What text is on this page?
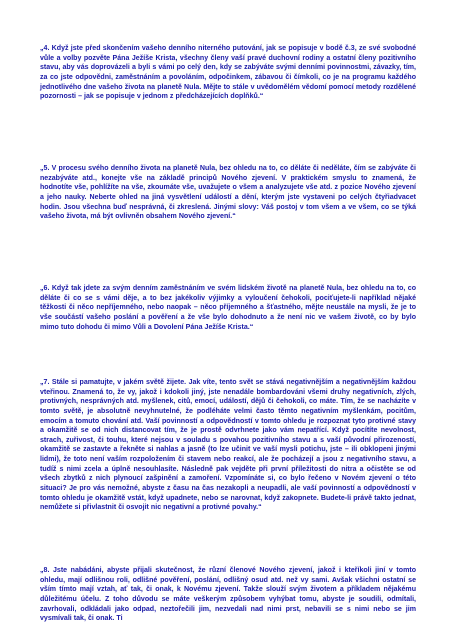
„4. Když jste před skončením vašeho denního niterného putování, jak se popisuje v bodě č.3, ze své svobodné vůle a volby pozvěte Pána Ježíše Krista, všechny členy vaší pravé duchovní rodiny a ostatní členy pozitivního stavu, aby vás doprovázeli a byli s vámi po celý den, kdy se zabýváte svými denními povinnostmi, závazky, tím, za co jste odpovědni, zaměstnáním a povoláním, odpočinkem, zábavou či čímkoli, co je na programu každého jednotlivého dne vašeho života na planetě Nula. Mějte to stále v uvědomělém vědomí pomocí metody rozdělené pozornosti – jak se popisuje v jednom z předcházejících doplňků.“

„5. V procesu svého denního života na planetě Nula, bez ohledu na to, co děláte či neděláte, čím se zabýváte či nezabýváte atd., konejte vše na základě principů Nového zjevení. V praktickém smyslu to znamená, že hodnotíte vše, pohlížíte na vše, zkoumáte vše, uvažujete o všem a analyzujete vše atd. z pozice Nového zjevení a jeho nauky. Neberte ohled na jiná vysvětlení událostí a dění, kterým jste vystaveni po celých čtyřiadvacet hodin. Jsou všechna buď nesprávná, či zkreslená. Jinými slovy: Váš postoj v tom všem a ve všem, co se týká vašeho života, má být ovlivněn obsahem Nového zjevení.“

„6. Když tak jdete za svým denním zaměstnáním ve svém lidském životě na planetě Nula, bez ohledu na to, co děláte či co se s vámi děje, a to bez jakékoliv výjimky a vyloučení čehokoli, pociťujete-li například nějaké těžkosti či něco nepříjemného, nebo naopak – něco příjemného a šťastného, mějte neustále na mysli, že je to vše součástí vašeho poslání a pověření a že vše bylo dohodnuto a že není nic ve vašem životě, co by bylo mimo tuto dohodu či mimo Vůli a Dovolení Pána Ježíše Krista.“

„7. Stále si pamatujte, v jakém světě žijete. Jak víte, tento svět se stává negativnějším a negativnějším každou vteřinou. Znamená to, že vy, jakož i kdokoli jiný, jste nenadále bombardováni všemi druhy negativních, zlých, protivných, nesprávných atd. myšlenek, citů, emocí, událostí, dějů či čehokoli, co máte. Tím, že se nacházíte v tomto světě, je absolutně nevyhnutelné, že podléháte velmi často těmto negativním myšlenkám, pocitům, emocím a tomuto chování atd. Vaší povinností a odpovědností v tomto ohledu je rozpoznat tyto protivné stavy a okamžitě se od nich distancovat tím, že je prostě odvrhnete jako vám nepatřící. Když pocítíte nevolnost, strach, zuřivost, či touhu, které nejsou v souladu s povahou pozitivního stavu a s vaší původní přirozeností, okamžitě se zastavte a řekněte si nahlas a jasně (to lze učinit ve vaší mysli potichu, jste – ili obklopeni jinými lidmi), že toto není vaším rozpoložením či stavem nebo reakcí, ale že pocházejí a jsou z negativního stavu, a tudíž s nimi zcela a úplně nesouhlasíte. Následně pak vejděte při první příležitosti do nitra a očistěte se od všech zbytků z nich plynoucí zašpinění a zamoření. Vzpomínáte si, co bylo řečeno v Novém zjevení o této situaci? Je pro vás nemožné, abyste z času na čas nezakopli a neupadli, ale vaší povinností a odpovědností v tomto ohledu je okamžitě vstát, když upadnete, nebo se narovnat, když zakopnete. Budete-li právě takto jednat, nemůžete si přivlastnit či osvojit nic negativní a protivné povahy.“

„8. Jste nabádáni, abyste přijali skutečnost, že různí členové Nového zjevení, jakož i kteříkoli jiní v tomto ohledu, mají odlišnou roli, odlišné pověření, poslání, odlišný osud atd. než vy sami. Avšak všichni ostatní se vším tímto mají vztah, ať tak, či onak, k Novému zjevení. Takže slouží svým životem a příkladem nějakému důležitému účelu. Z toho důvodu se máte veškerým způsobem vyhýbat tomu, abyste je soudili, odmítali, zavrhovali, odkládali jako odpad, neztořečili jim, nezvedali nad nimi prst, nebavili se s nimi nebo se jim vysmívali tak, či onak. Ti
